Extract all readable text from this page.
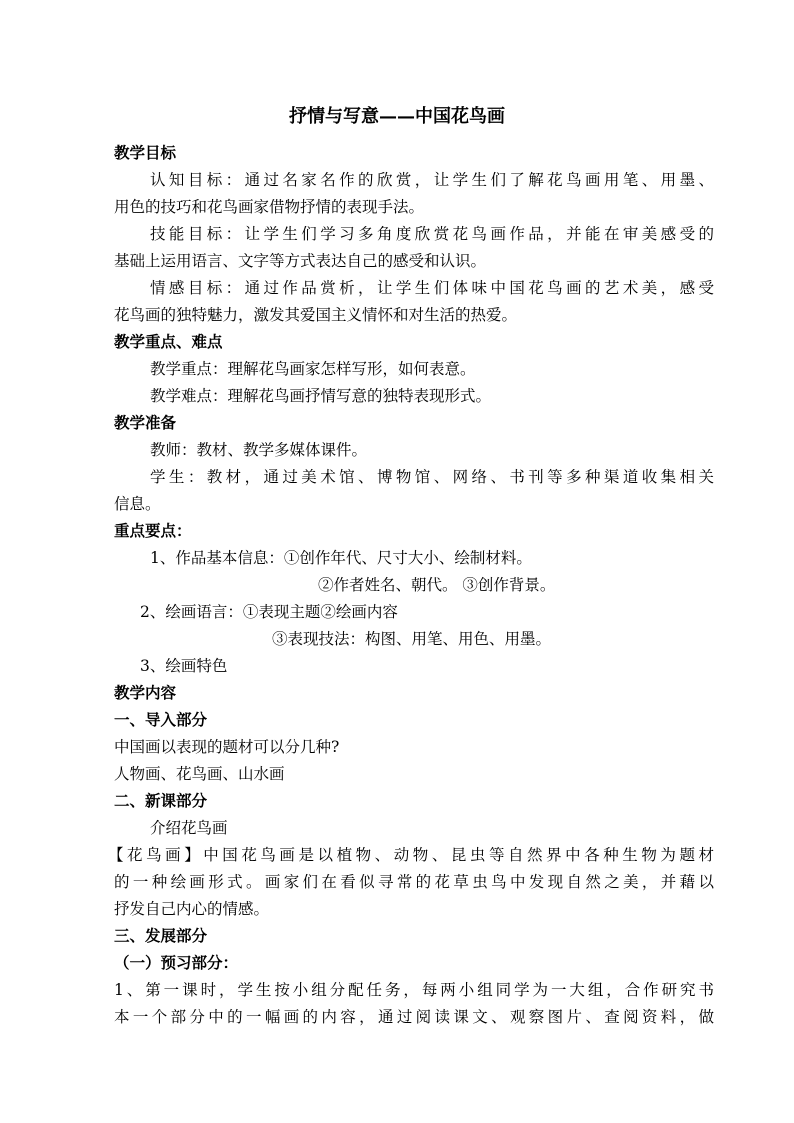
抒情与写意——中国花鸟画
教学目标
认知目标：通过名家名作的欣赏，让学生们了解花鸟画用笔、用墨、
用色的技巧和花鸟画家借物抒情的表现手法。
技能目标：让学生们学习多角度欣赏花鸟画作品，并能在审美感受的
基础上运用语言、文字等方式表达自己的感受和认识。
情感目标：通过作品赏析，让学生们体味中国花鸟画的艺术美，感受
花鸟画的独特魅力，激发其爱国主义情怀和对生活的热爱。
教学重点、难点
教学重点：理解花鸟画家怎样写形，如何表意。
教学难点：理解花鸟画抒情写意的独特表现形式。
教学准备
教师：教材、教学多媒体课件。
学生：教材，通过美术馆、博物馆、网络、书刊等多种渠道收集相关
信息。
重点要点：
1、作品基本信息：①创作年代、尺寸大小、绘制材料。
②作者姓名、朝代。 ③创作背景。
2、绘画语言：①表现主题②绘画内容
③表现技法：构图、用笔、用色、用墨。
3、绘画特色
教学内容
一、导入部分
中国画以表现的题材可以分几种?
人物画、花鸟画、山水画
二、新课部分
介绍花鸟画
【花鸟画】中国花鸟画是以植物、动物、昆虫等自然界中各种生物为题材
的一种绘画形式。画家们在看似寻常的花草虫鸟中发现自然之美，并藉以
抒发自己内心的情感。
三、发展部分
（一）预习部分：
1、第一课时，学生按小组分配任务，每两小组同学为一大组，合作研究书
本一个部分中的一幅画的内容，通过阅读课文、观察图片、查阅资料，做
